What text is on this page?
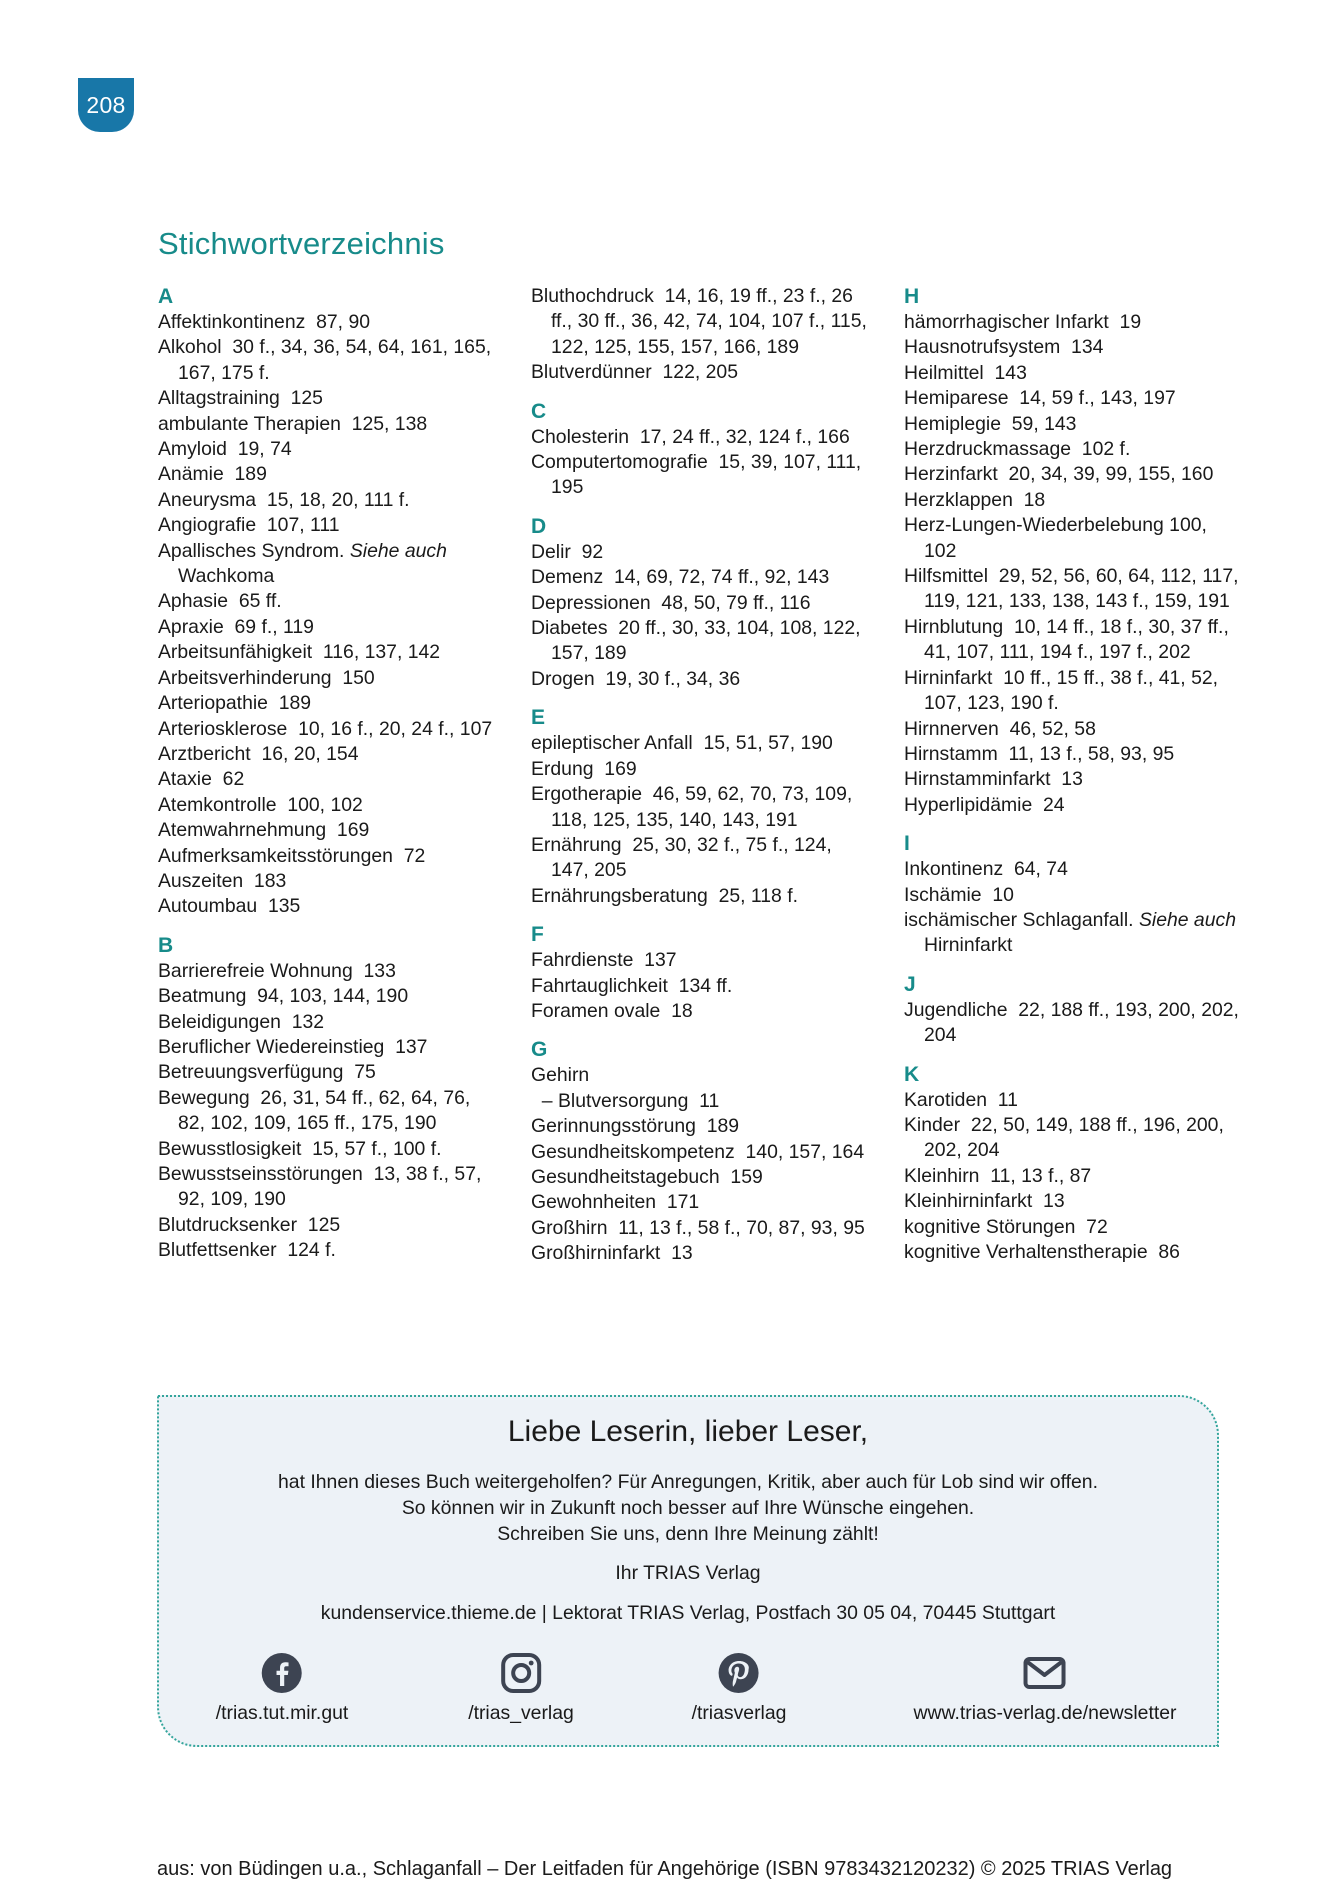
208
Stichwortverzeichnis
A
Affektinkontinenz  87, 90
Alkohol  30 f., 34, 36, 54, 64, 161, 165, 167, 175 f.
Alltagstraining  125
ambulante Therapien  125, 138
Amyloid  19, 74
Anämie  189
Aneurysma  15, 18, 20, 111 f.
Angiografie  107, 111
Apallisches Syndrom. Siehe auch Wachkoma
Aphasie  65 ff.
Apraxie  69 f., 119
Arbeitsunfähigkeit  116, 137, 142
Arbeitsverhinderung  150
Arteriopathie  189
Arteriosklerose  10, 16 f., 20, 24 f., 107
Arztbericht  16, 20, 154
Ataxie  62
Atemkontrolle  100, 102
Atemwahrnehmung  169
Aufmerksamkeitsstörungen  72
Auszeiten  183
Autoumbau  135
B
Barrierefreie Wohnung  133
Beatmung  94, 103, 144, 190
Beleidigungen  132
Beruflicher Wiedereinstieg  137
Betreuungsverfügung  75
Bewegung  26, 31, 54 ff., 62, 64, 76, 82, 102, 109, 165 ff., 175, 190
Bewusstlosigkeit  15, 57 f., 100 f.
Bewusstseinsstörungen  13, 38 f., 57, 92, 109, 190
Blutdrucksenker  125
Blutfettsenker  124 f.
Bluthochdruck  14, 16, 19 ff., 23 f., 26 ff., 30 ff., 36, 42, 74, 104, 107 f., 115, 122, 125, 155, 157, 166, 189
Blutverdünner  122, 205
C
Cholesterin  17, 24 ff., 32, 124 f., 166
Computertomografie  15, 39, 107, 111, 195
D
Delir  92
Demenz  14, 69, 72, 74 ff., 92, 143
Depressionen  48, 50, 79 ff., 116
Diabetes  20 ff., 30, 33, 104, 108, 122, 157, 189
Drogen  19, 30 f., 34, 36
E
epileptischer Anfall  15, 51, 57, 190
Erdung  169
Ergotherapie  46, 59, 62, 70, 73, 109, 118, 125, 135, 140, 143, 191
Ernährung  25, 30, 32 f., 75 f., 124, 147, 205
Ernährungsberatung  25, 118 f.
F
Fahrdienste  137
Fahrtauglichkeit  134 ff.
Foramen ovale  18
G
Gehirn
– Blutversorgung  11
Gerinnungsstörung  189
Gesundheitskompetenz  140, 157, 164
Gesundheitstagebuch  159
Gewohnheiten  171
Großhirn  11, 13 f., 58 f., 70, 87, 93, 95
Großhirninfarkt  13
H
hämorrhagischer Infarkt  19
Hausnotrufsystem  134
Heilmittel  143
Hemiparese  14, 59 f., 143, 197
Hemiplegie  59, 143
Herzdruckmassage  102 f.
Herzinfarkt  20, 34, 39, 99, 155, 160
Herzklappen  18
Herz-Lungen-Wiederbelebung 100, 102
Hilfsmittel  29, 52, 56, 60, 64, 112, 117, 119, 121, 133, 138, 143 f., 159, 191
Hirnblutung  10, 14 ff., 18 f., 30, 37 ff., 41, 107, 111, 194 f., 197 f., 202
Hirninfarkt  10 ff., 15 ff., 38 f., 41, 52, 107, 123, 190 f.
Hirnnerven  46, 52, 58
Hirnstamm  11, 13 f., 58, 93, 95
Hirnstamminfarkt  13
Hyperlipidämie  24
I
Inkontinenz  64, 74
Ischämie  10
ischämischer Schlaganfall. Siehe auch Hirninfarkt
J
Jugendliche  22, 188 ff., 193, 200, 202, 204
K
Karotiden  11
Kinder  22, 50, 149, 188 ff., 196, 200, 202, 204
Kleinhirn  11, 13 f., 87
Kleinhirninfarkt  13
kognitive Störungen  72
kognitive Verhaltenstherapie  86
Liebe Leserin, lieber Leser,

hat Ihnen dieses Buch weitergeholfen? Für Anregungen, Kritik, aber auch für Lob sind wir offen.

So können wir in Zukunft noch besser auf Ihre Wünsche eingehen.

Schreiben Sie uns, denn Ihre Meinung zählt!

Ihr TRIAS Verlag

kundenservice.thieme.de | Lektorat TRIAS Verlag, Postfach 30 05 04, 70445 Stuttgart

/trias.tut.mir.gut	/trias_verlag	/triasverlag	www.trias-verlag.de/newsletter
aus: von Büdingen u.a., Schlaganfall – Der Leitfaden für Angehörige (ISBN 9783432120232) © 2025 TRIAS Verlag
